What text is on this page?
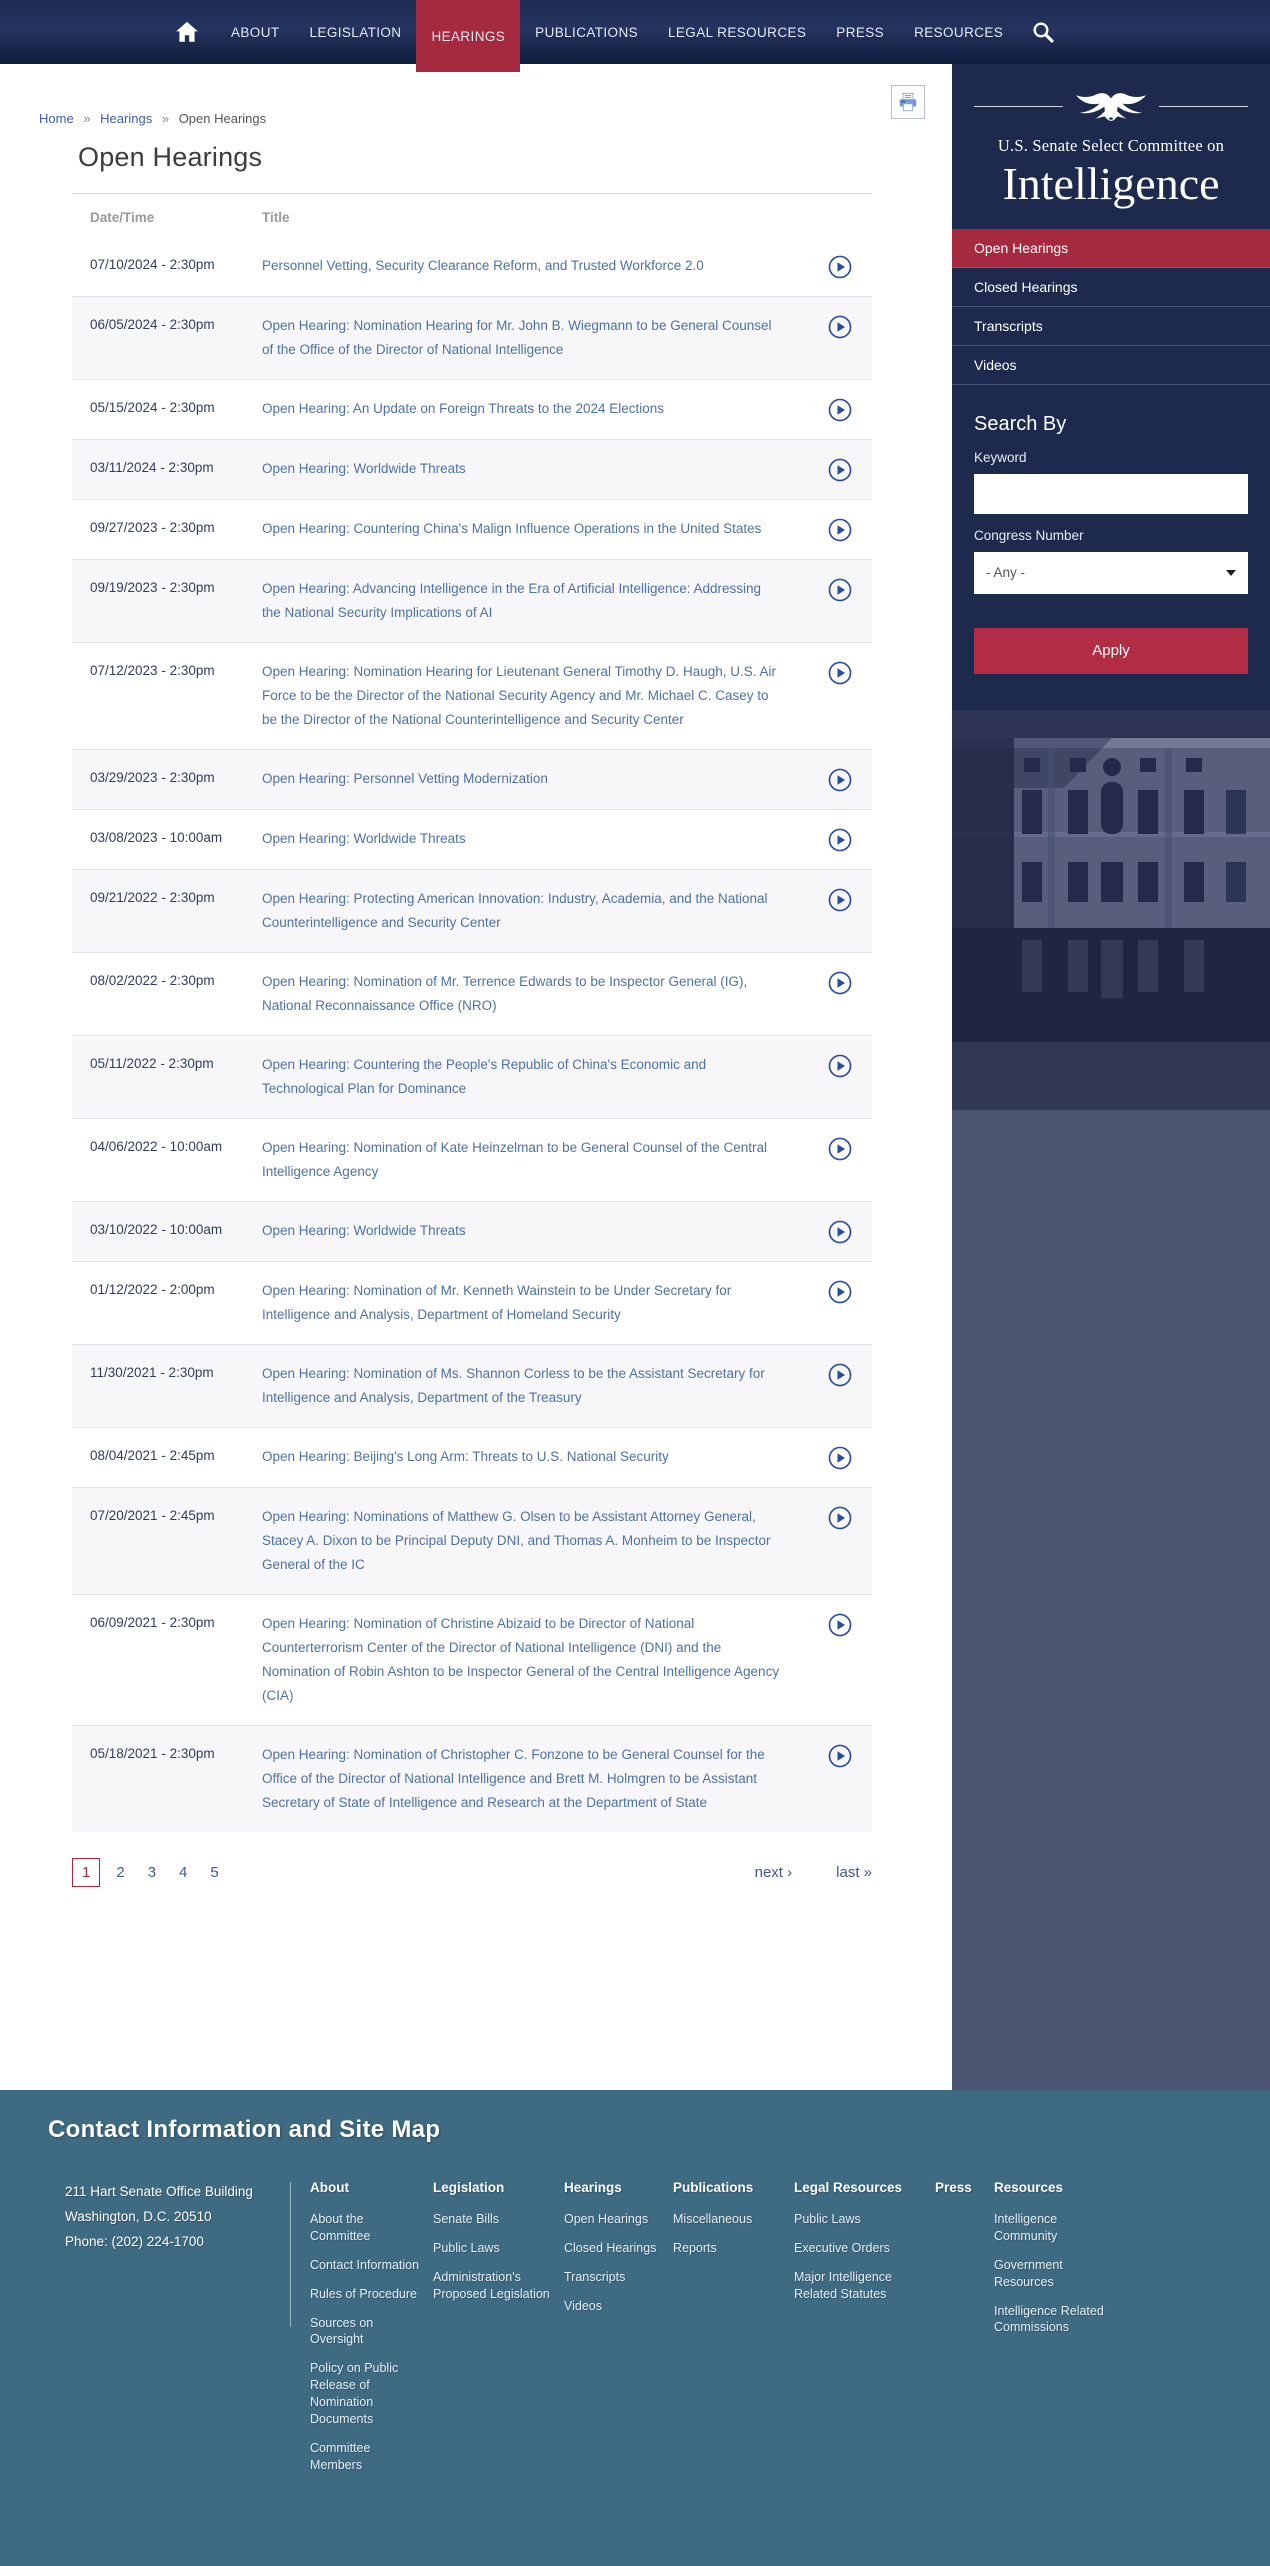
ABOUT	LEGISLATION	HEARINGS	PUBLICATIONS	LEGAL RESOURCES	PRESS	RESOURCES
Home » Hearings » Open Hearings
Open Hearings
Date/Time	Title
07/10/2024 - 2:30pm	Personnel Vetting, Security Clearance Reform, and Trusted Workforce 2.0
06/05/2024 - 2:30pm	Open Hearing: Nomination Hearing for Mr. John B. Wiegmann to be General Counsel of the Office of the Director of National Intelligence
05/15/2024 - 2:30pm	Open Hearing: An Update on Foreign Threats to the 2024 Elections
03/11/2024 - 2:30pm	Open Hearing: Worldwide Threats
09/27/2023 - 2:30pm	Open Hearing: Countering China's Malign Influence Operations in the United States
09/19/2023 - 2:30pm	Open Hearing: Advancing Intelligence in the Era of Artificial Intelligence: Addressing the National Security Implications of AI
07/12/2023 - 2:30pm	Open Hearing: Nomination Hearing for Lieutenant General Timothy D. Haugh, U.S. Air Force to be the Director of the National Security Agency and Mr. Michael C. Casey to be the Director of the National Counterintelligence and Security Center
03/29/2023 - 2:30pm	Open Hearing: Personnel Vetting Modernization
03/08/2023 - 10:00am	Open Hearing: Worldwide Threats
09/21/2022 - 2:30pm	Open Hearing: Protecting American Innovation: Industry, Academia, and the National Counterintelligence and Security Center
08/02/2022 - 2:30pm	Open Hearing: Nomination of Mr. Terrence Edwards to be Inspector General (IG), National Reconnaissance Office (NRO)
05/11/2022 - 2:30pm	Open Hearing: Countering the People's Republic of China's Economic and Technological Plan for Dominance
04/06/2022 - 10:00am	Open Hearing: Nomination of Kate Heinzelman to be General Counsel of the Central Intelligence Agency
03/10/2022 - 10:00am	Open Hearing: Worldwide Threats
01/12/2022 - 2:00pm	Open Hearing: Nomination of Mr. Kenneth Wainstein to be Under Secretary for Intelligence and Analysis, Department of Homeland Security
11/30/2021 - 2:30pm	Open Hearing: Nomination of Ms. Shannon Corless to be the Assistant Secretary for Intelligence and Analysis, Department of the Treasury
08/04/2021 - 2:45pm	Open Hearing: Beijing's Long Arm: Threats to U.S. National Security
07/20/2021 - 2:45pm	Open Hearing: Nominations of Matthew G. Olsen to be Assistant Attorney General, Stacey A. Dixon to be Principal Deputy DNI, and Thomas A. Monheim to be Inspector General of the IC
06/09/2021 - 2:30pm	Open Hearing: Nomination of Christine Abizaid to be Director of National Counterterrorism Center of the Director of National Intelligence (DNI) and the Nomination of Robin Ashton to be Inspector General of the Central Intelligence Agency (CIA)
05/18/2021 - 2:30pm	Open Hearing: Nomination of Christopher C. Fonzone to be General Counsel for the Office of the Director of National Intelligence and Brett M. Holmgren to be Assistant Secretary of State of Intelligence and Research at the Department of State
1	2 3 4 5	next ›	last »
U.S. Senate Select Committee on
Intelligence
Open Hearings
Closed Hearings
Transcripts
Videos
Search By
Keyword
Congress Number
- Any -
Apply
Contact Information and Site Map
211 Hart Senate Office Building
Washington, D.C. 20510
Phone: (202) 224-1700
About
About the Committee
Contact Information
Rules of Procedure
Sources on Oversight
Policy on Public Release of Nomination Documents
Committee Members
Legislation
Senate Bills
Public Laws
Administration's Proposed Legislation
Hearings
Open Hearings
Closed Hearings
Transcripts
Videos
Publications
Miscellaneous
Reports
Legal Resources
Public Laws
Executive Orders
Major Intelligence Related Statutes
Press	Resources
Intelligence Community
Government Resources
Intelligence Related Commissions
